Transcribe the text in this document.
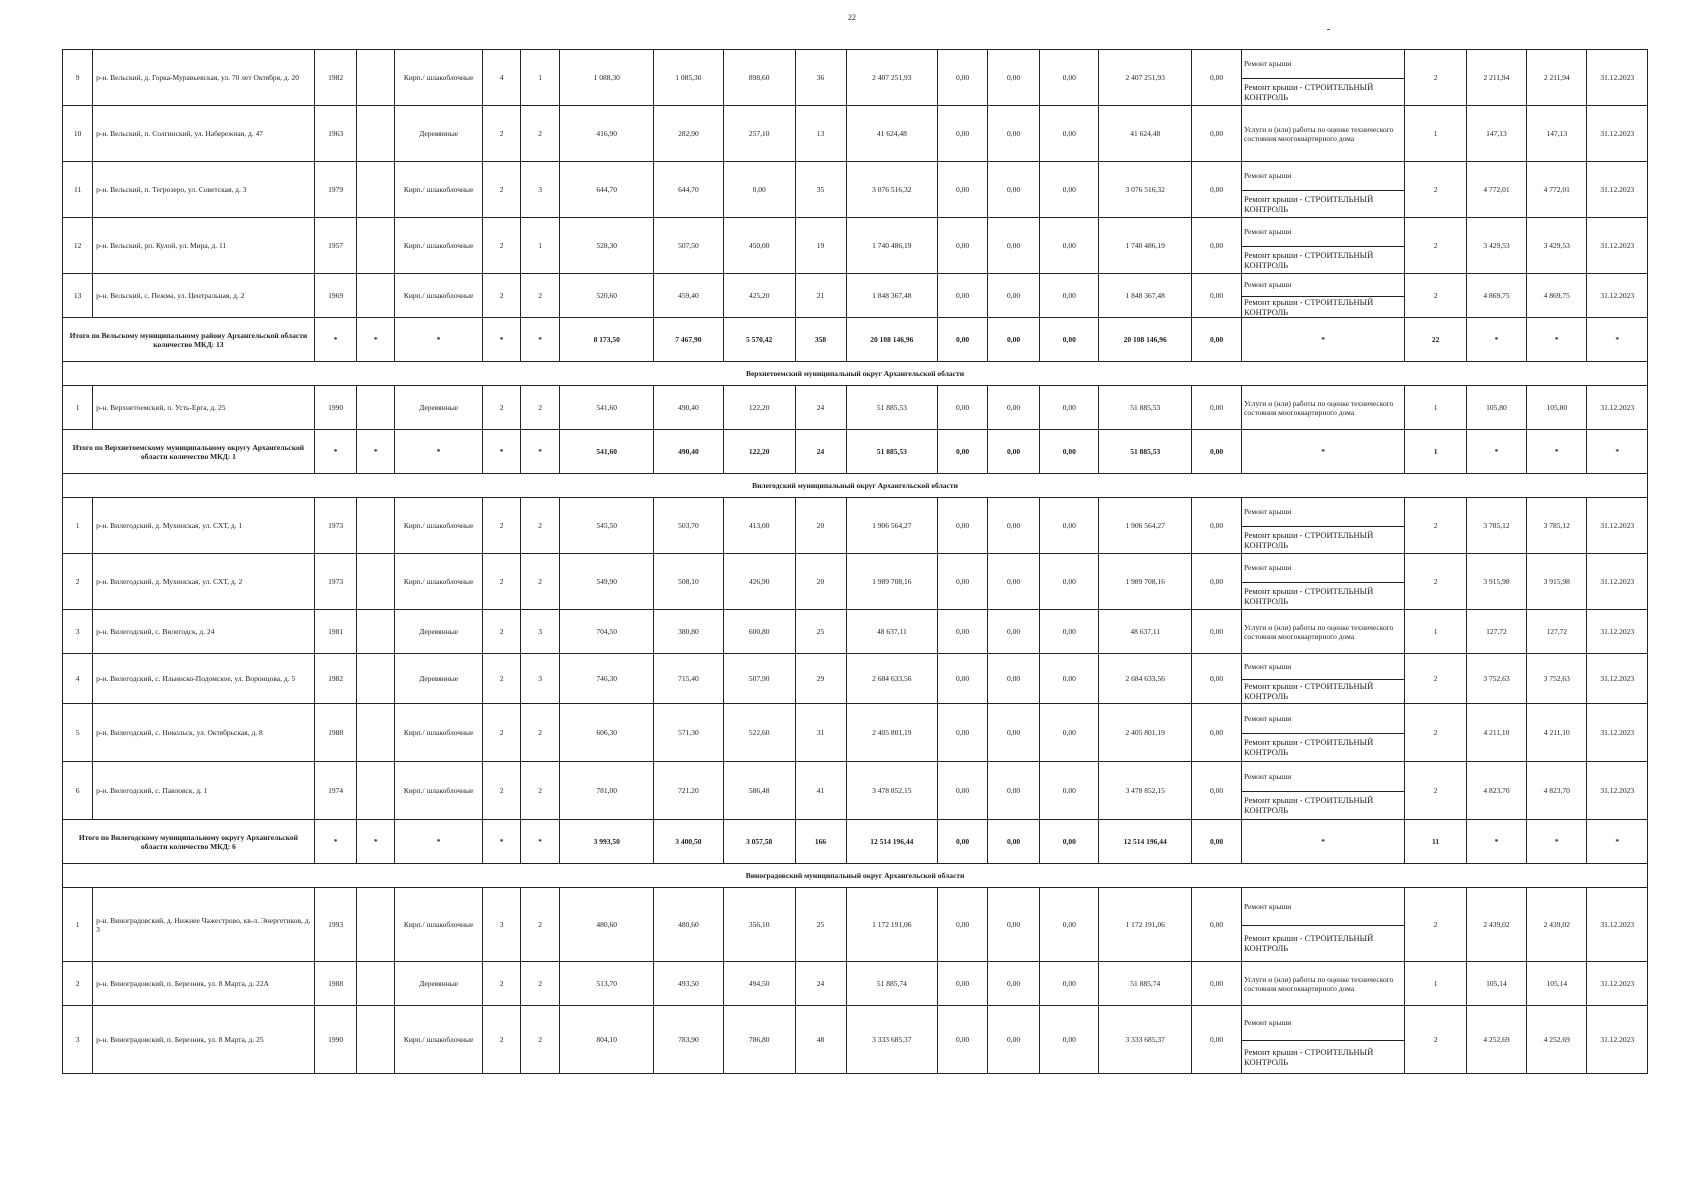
22
9	р-н. Вельский, д. Горка-Муравьевская, ул. 70 лет Октября, д. 20	1982		Кирп./ шлакоблочные	4	1	1 088,30	1 085,30	898,60	36	2 407 251,93	0,00	0,00	0,00	2 407 251,93	0,00	Ремонт крыши
Ремонт крыши - СТРОИТЕЛЬНЫЙ КОНТРОЛЬ	2	2 211,94	2 211,94	31.12.2023
10	р-н. Вельский, п. Солгинский, ул. Набережная, д. 47	1963		Деревянные	2	2	416,90	282,90	257,10	13	41 624,48	0,00	0,00	0,00	41 624,48	0,00	Услуги и (или) работы по оценке технического состояния многоквартирного дома	1	147,13	147,13	31.12.2023
11	р-н. Вельский, п. Тегрозеро, ул. Советская, д. 3	1979		Кирп./ шлакоблочные	2	3	644,70	644,70	0,00	35	3 076 516,32	0,00	0,00	0,00	3 076 516,32	0,00	Ремонт крыши
Ремонт крыши - СТРОИТЕЛЬНЫЙ КОНТРОЛЬ	2	4 772,01	4 772,01	31.12.2023
12	р-н. Вельский, рп. Кулой, ул. Мира, д. 11	1957		Кирп./ шлакоблочные	2	1	528,30	507,50	450,00	19	1 740 486,19	0,00	0,00	0,00	1 740 486,19	0,00	Ремонт крыши
Ремонт крыши - СТРОИТЕЛЬНЫЙ КОНТРОЛЬ	2	3 429,53	3 429,53	31.12.2023
13	р-н. Вельский, с. Пежма, ул. Центральная, д. 2	1969		Кирп./ шлакоблочные	2	2	520,60	459,40	425,20	21	1 848 367,48	0,00	0,00	0,00	1 848 367,48	0,00	Ремонт крыши
Ремонт крыши - СТРОИТЕЛЬНЫЙ КОНТРОЛЬ	2	4 869,75	4 869,75	31.12.2023
Итого по Вельскому муниципальному району Архангельской области количество МКД: 13		*	*	*	*	*	8 173,50	7 467,90	5 570,42	358	20 108 146,96	0,00	0,00	0,00	20 108 146,96	0,00	*	22	*	*	*
Верхнетоемский муниципальный округ Архангельской области																					
1	р-н. Верхнетоемский, п. Усть-Ерга, д. 25	1990		Деревянные	2	2	541,60	490,40	122,20	24	51 885,53	0,00	0,00	0,00	51 885,53	0,00	Услуги и (или) работы по оценке технического состояния многоквартирного дома	1	105,80	105,80	31.12.2023
Итого по Верхнетоемскому муниципальному округу Архангельской области количество МКД: 1		*	*	*	*	*	541,60	490,40	122,20	24	51 885,53	0,00	0,00	0,00	51 885,53	0,00	*	1	*	*	*
Вилегодский муниципальный округ Архангельской области																					
1	р-н. Вилегодский, д. Мухинская, ул. СХТ, д. 1	1973		Кирп./ шлакоблочные	2	2	545,50	503,70	413,00	20	1 906 564,27	0,00	0,00	0,00	1 906 564,27	0,00	Ремонт крыши
Ремонт крыши - СТРОИТЕЛЬНЫЙ КОНТРОЛЬ	2	3 785,12	3 785,12	31.12.2023
2	р-н. Вилегодский, д. Мухинская, ул. СХТ, д. 2	1973		Кирп./ шлакоблочные	2	2	549,90	508,10	426,90	20	1 989 708,16	0,00	0,00	0,00	1 989 708,16	0,00	Ремонт крыши
Ремонт крыши - СТРОИТЕЛЬНЫЙ КОНТРОЛЬ	2	3 915,98	3 915,98	31.12.2023
3	р-н. Вилегодский, с. Вилегодск, д. 24	1981		Деревянные	2	3	704,50	380,80	600,80	25	48 637,11	0,00	0,00	0,00	48 637,11	0,00	Услуги и (или) работы по оценке технического состояния многоквартирного дома	1	127,72	127,72	31.12.2023
4	р-н. Вилегодский, с. Ильинско-Подомское, ул. Воронцова, д. 5	1982		Деревянные	2	3	746,30	715,40	507,90	29	2 684 633,56	0,00	0,00	0,00	2 684 633,56	0,00	Ремонт крыши
Ремонт крыши - СТРОИТЕЛЬНЫЙ КОНТРОЛЬ	2	3 752,63	3 752,63	31.12.2023
5	р-н. Вилегодский, с. Никольск, ул. Октябрьская, д. 8	1988		Кирп./ шлакоблочные	2	2	606,30	571,30	522,60	31	2 405 801,19	0,00	0,00	0,00	2 405 801,19	0,00	Ремонт крыши
Ремонт крыши - СТРОИТЕЛЬНЫЙ КОНТРОЛЬ	2	4 211,10	4 211,10	31.12.2023
6	р-н. Вилегодский, с. Павловск, д. 1	1974		Кирп./ шлакоблочные	2	2	781,00	721,20	586,48	41	3 478 852,15	0,00	0,00	0,00	3 478 852,15	0,00	Ремонт крыши
Ремонт крыши - СТРОИТЕЛЬНЫЙ КОНТРОЛЬ	2	4 823,70	4 823,70	31.12.2023
Итого по Вилегодскому муниципальному округу Архангельской области количество МКД: 6		*	*	*	*	*	3 993,50	3 400,50	3 057,58	166	12 514 196,44	0,00	0,00	0,00	12 514 196,44	0,00	*	11	*	*	*
Виноградовский муниципальный округ Архангельской области																					
1	р-н. Виноградовский, д. Нижнее Чажестрово, кв-л. Энергетиков, д. 3	1993		Кирп./ шлакоблочные	3	2	480,60	480,60	356,10	25	1 172 191,06	0,00	0,00	0,00	1 172 191,06	0,00	Ремонт крыши
Ремонт крыши - СТРОИТЕЛЬНЫЙ КОНТРОЛЬ	2	2 439,02	2 439,02	31.12.2023
2	р-н. Виноградовский, п. Березник, ул. 8 Марта, д. 22А	1988		Деревянные	2	2	513,70	493,50	494,50	24	51 885,74	0,00	0,00	0,00	51 885,74	0,00	Услуги и (или) работы по оценке технического состояния многоквартирного дома	1	105,14	105,14	31.12.2023
3	р-н. Виноградовский, п. Березник, ул. 8 Марта, д. 25	1990		Кирп./ шлакоблочные	2	2	804,10	783,90	786,80	48	3 333 685,37	0,00	0,00	0,00	3 333 685,37	0,00	Ремонт крыши
Ремонт крыши - СТРОИТЕЛЬНЫЙ КОНТРОЛЬ	2	4 252,69	4 252,69	31.12.2023
